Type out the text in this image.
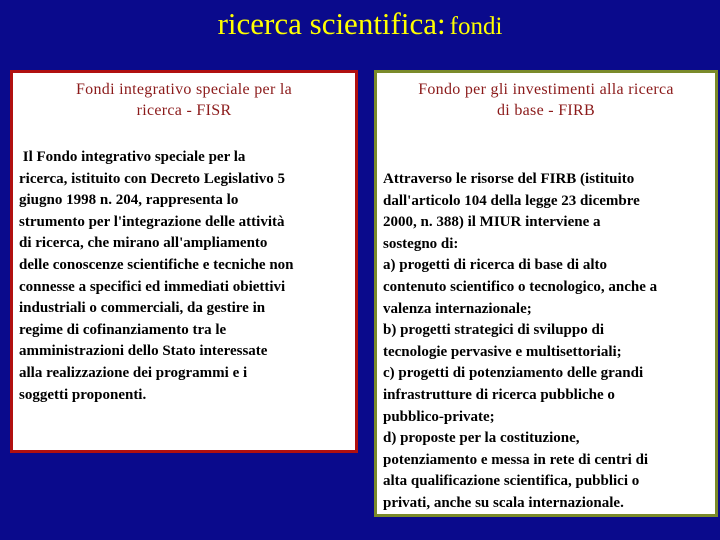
ricerca scientifica: fondi
Fondi integrativo speciale per la
ricerca - FISR
Il Fondo integrativo speciale per la
ricerca, istituito con Decreto Legislativo 5
giugno 1998 n. 204, rappresenta lo
strumento per l'integrazione delle attività
di ricerca, che mirano all'ampliamento
delle conoscenze scientifiche e tecniche non
connesse a specifici ed immediati obiettivi
industriali o commerciali, da gestire in
regime di cofinanziamento tra le
amministrazioni dello Stato interessate
alla realizzazione dei programmi e i
soggetti proponenti.
Fondo per gli investimenti alla ricerca
di base - FIRB
Attraverso le risorse del FIRB (istituito
dall'articolo 104 della legge 23 dicembre
2000, n. 388) il MIUR interviene a
sostegno di:
a) progetti di ricerca di base di alto
contenuto scientifico o tecnologico, anche a
valenza internazionale;
b) progetti strategici di sviluppo di
tecnologie pervasive e multisettoriali;
c) progetti di potenziamento delle grandi
infrastrutture di ricerca pubbliche o
pubblico-private;
d) proposte per la costituzione,
potenziamento e messa in rete di centri di
alta qualificazione scientifica, pubblici o
privati, anche su scala internazionale.
